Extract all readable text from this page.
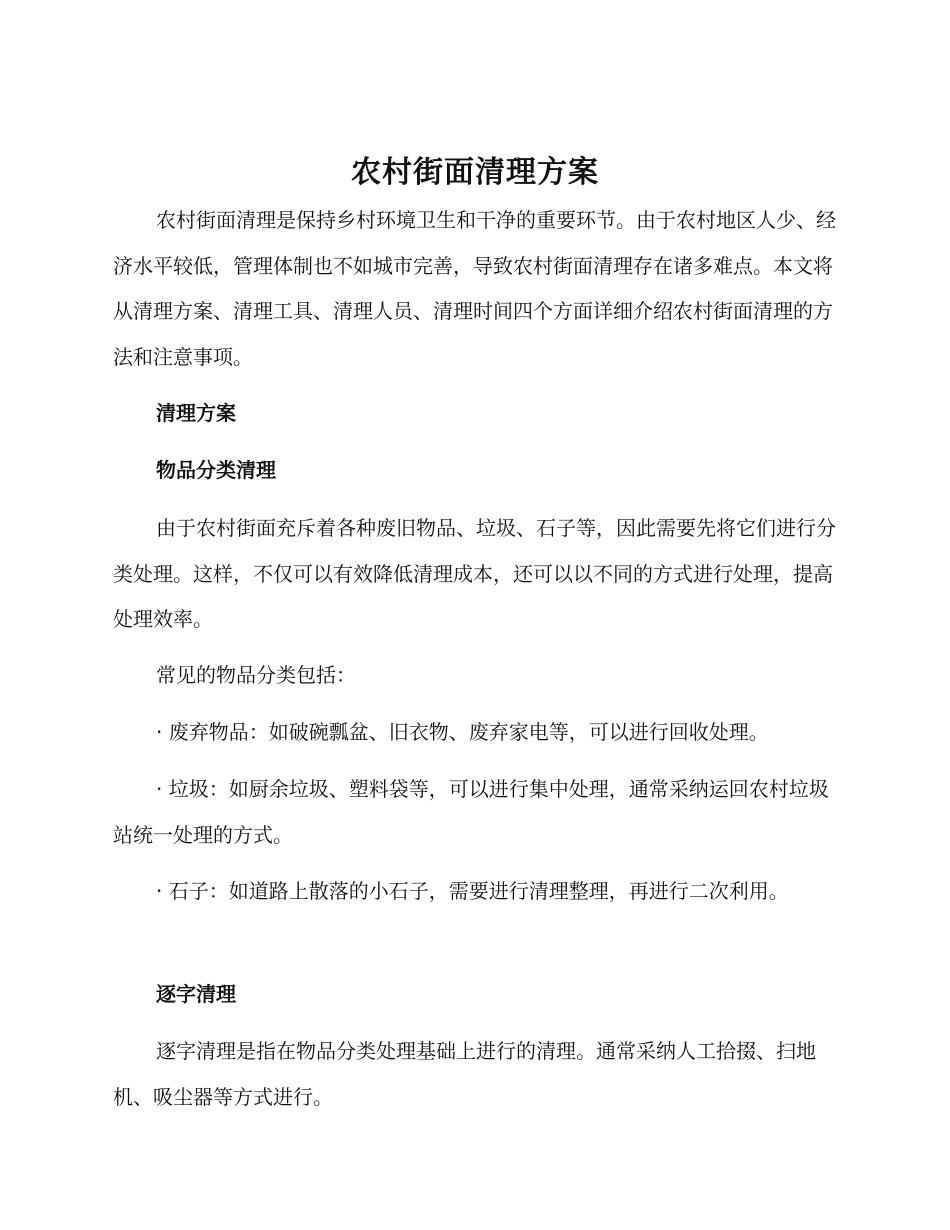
农村街面清理方案

农村街面清理是保持乡村环境卫生和干净的重要环节。由于农村地区人少、经济水平较低，管理体制也不如城市完善，导致农村街面清理存在诸多难点。本文将从清理方案、清理工具、清理人员、清理时间四个方面详细介绍农村街面清理的方法和注意事项。

清理方案

物品分类清理

由于农村街面充斥着各种废旧物品、垃圾、石子等，因此需要先将它们进行分类处理。这样，不仅可以有效降低清理成本，还可以以不同的方式进行处理，提高处理效率。

常见的物品分类包括：

· 废弃物品：如破碗瓢盆、旧衣物、废弃家电等，可以进行回收处理。

· 垃圾：如厨余垃圾、塑料袋等，可以进行集中处理，通常采纳运回农村垃圾站统一处理的方式。

· 石子：如道路上散落的小石子，需要进行清理整理，再进行二次利用。

逐字清理

逐字清理是指在物品分类处理基础上进行的清理。通常采纳人工拾掇、扫地机、吸尘器等方式进行。
